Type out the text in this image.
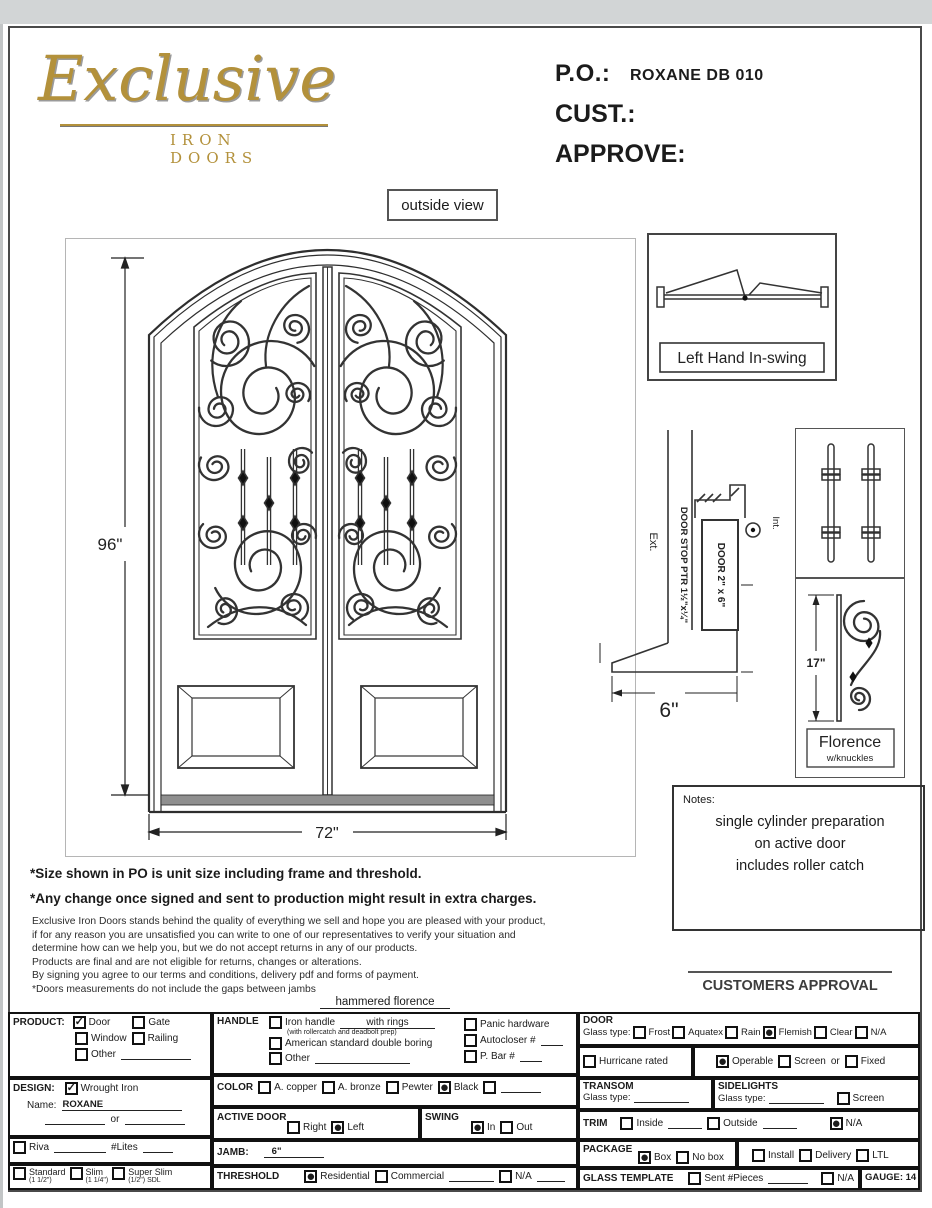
Exclusive
IRON DOORS
P.O.: ROXANE DB 010
CUST.:
APPROVE:
outside view
96"
72"
Left Hand In-swing
Ext. DOOR STOP PTR 1½"x¼"	DOOR 2" x 6"
Int.
6"
17"
Florence
w/knuckles
Notes:
single cylinder preparation
on active door
includes roller catch
*Size shown in PO is unit size including frame and threshold.
*Any change once signed and sent to production might result in extra charges.
Exclusive Iron Doors stands behind the quality of everything we sell and hope you are pleased with your product,
if for any reason you are unsatisfied you can write to one of our representatives to verify your situation and
determine how can we help you, but we do not accept returns in any of our products.
Products are final and are not eligible for returns, changes or alterations.
By signing you agree to our terms and conditions, delivery pdf and forms of payment.
*Doors measurements do not include the gaps between jambs	CUSTOMERS APPROVAL
hammered florence
PRODUCT: ✓ Door	Gate
Window Railing
Other
DESIGN: ✓ Wrought Iron
Name: ROXANE
or
Riva	#Lites
Standard
(1 1/2")
Slim
(1 1/4")
Super Slim
(1/2") SDL
HANDLE	Iron handle	with rings
(with rollercatch and deadbolt prep)
American standard double boring
Other
Panic hardware
Autocloser #
P. Bar #
COLOR A. copper A. bronze Pewter ● Black
ACTIVE DOOR
Right ● Left
SWING
● In Out
JAMB:	6"
THRESHOLD ● Residential Commercial	N/A
DOOR
Glass type: Frost Aquatex Rain ● Flemish Clear N/A
Hurricane rated	● Operable Screen or Fixed
TRANSOM
Glass type:
SIDELIGHTS
Glass type:	Screen
TRIM	Inside	Outside	● N/A
PACKAGE ● Box No box	Install Delivery LTL
GLASS TEMPLATE	Sent #Pieces	N/A	GAUGE: 14
